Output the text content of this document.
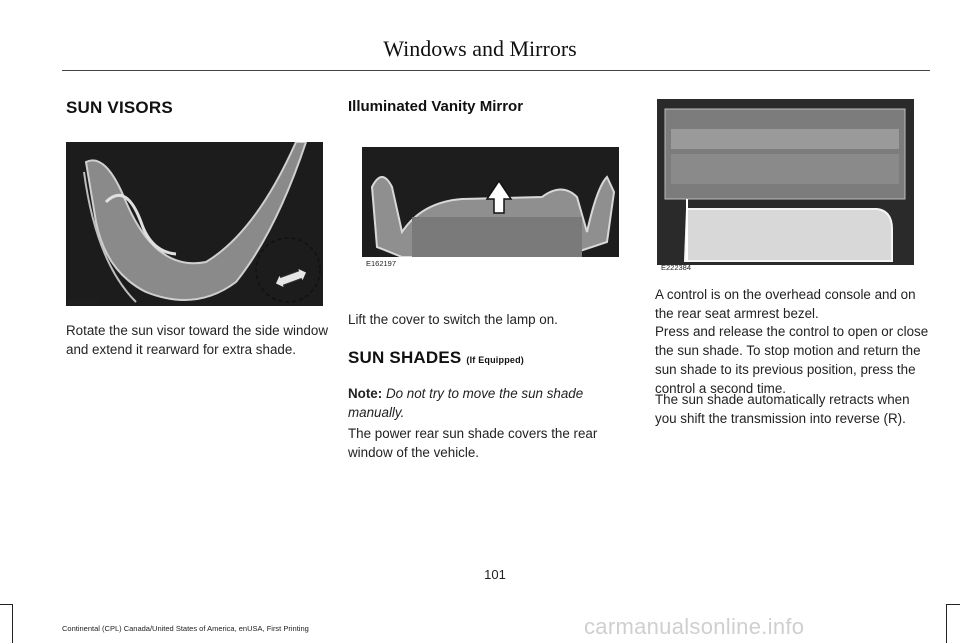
Windows and Mirrors
SUN VISORS
E138666
Rotate the sun visor toward the side window and extend it rearward for extra shade.
Illuminated Vanity Mirror
E162197
Lift the cover to switch the lamp on.
SUN SHADES (If Equipped)
Note: Do not try to move the sun shade manually.
The power rear sun shade covers the rear window of the vehicle.
E222384
A control is on the overhead console and on the rear seat armrest bezel.
Press and release the control to open or close the sun shade. To stop motion and return the sun shade to its previous position, press the control a second time.
The sun shade automatically retracts when you shift the transmission into reverse (R).
101
Continental (CPL) Canada/United States of America, enUSA, First Printing	carmanualsonline.info
